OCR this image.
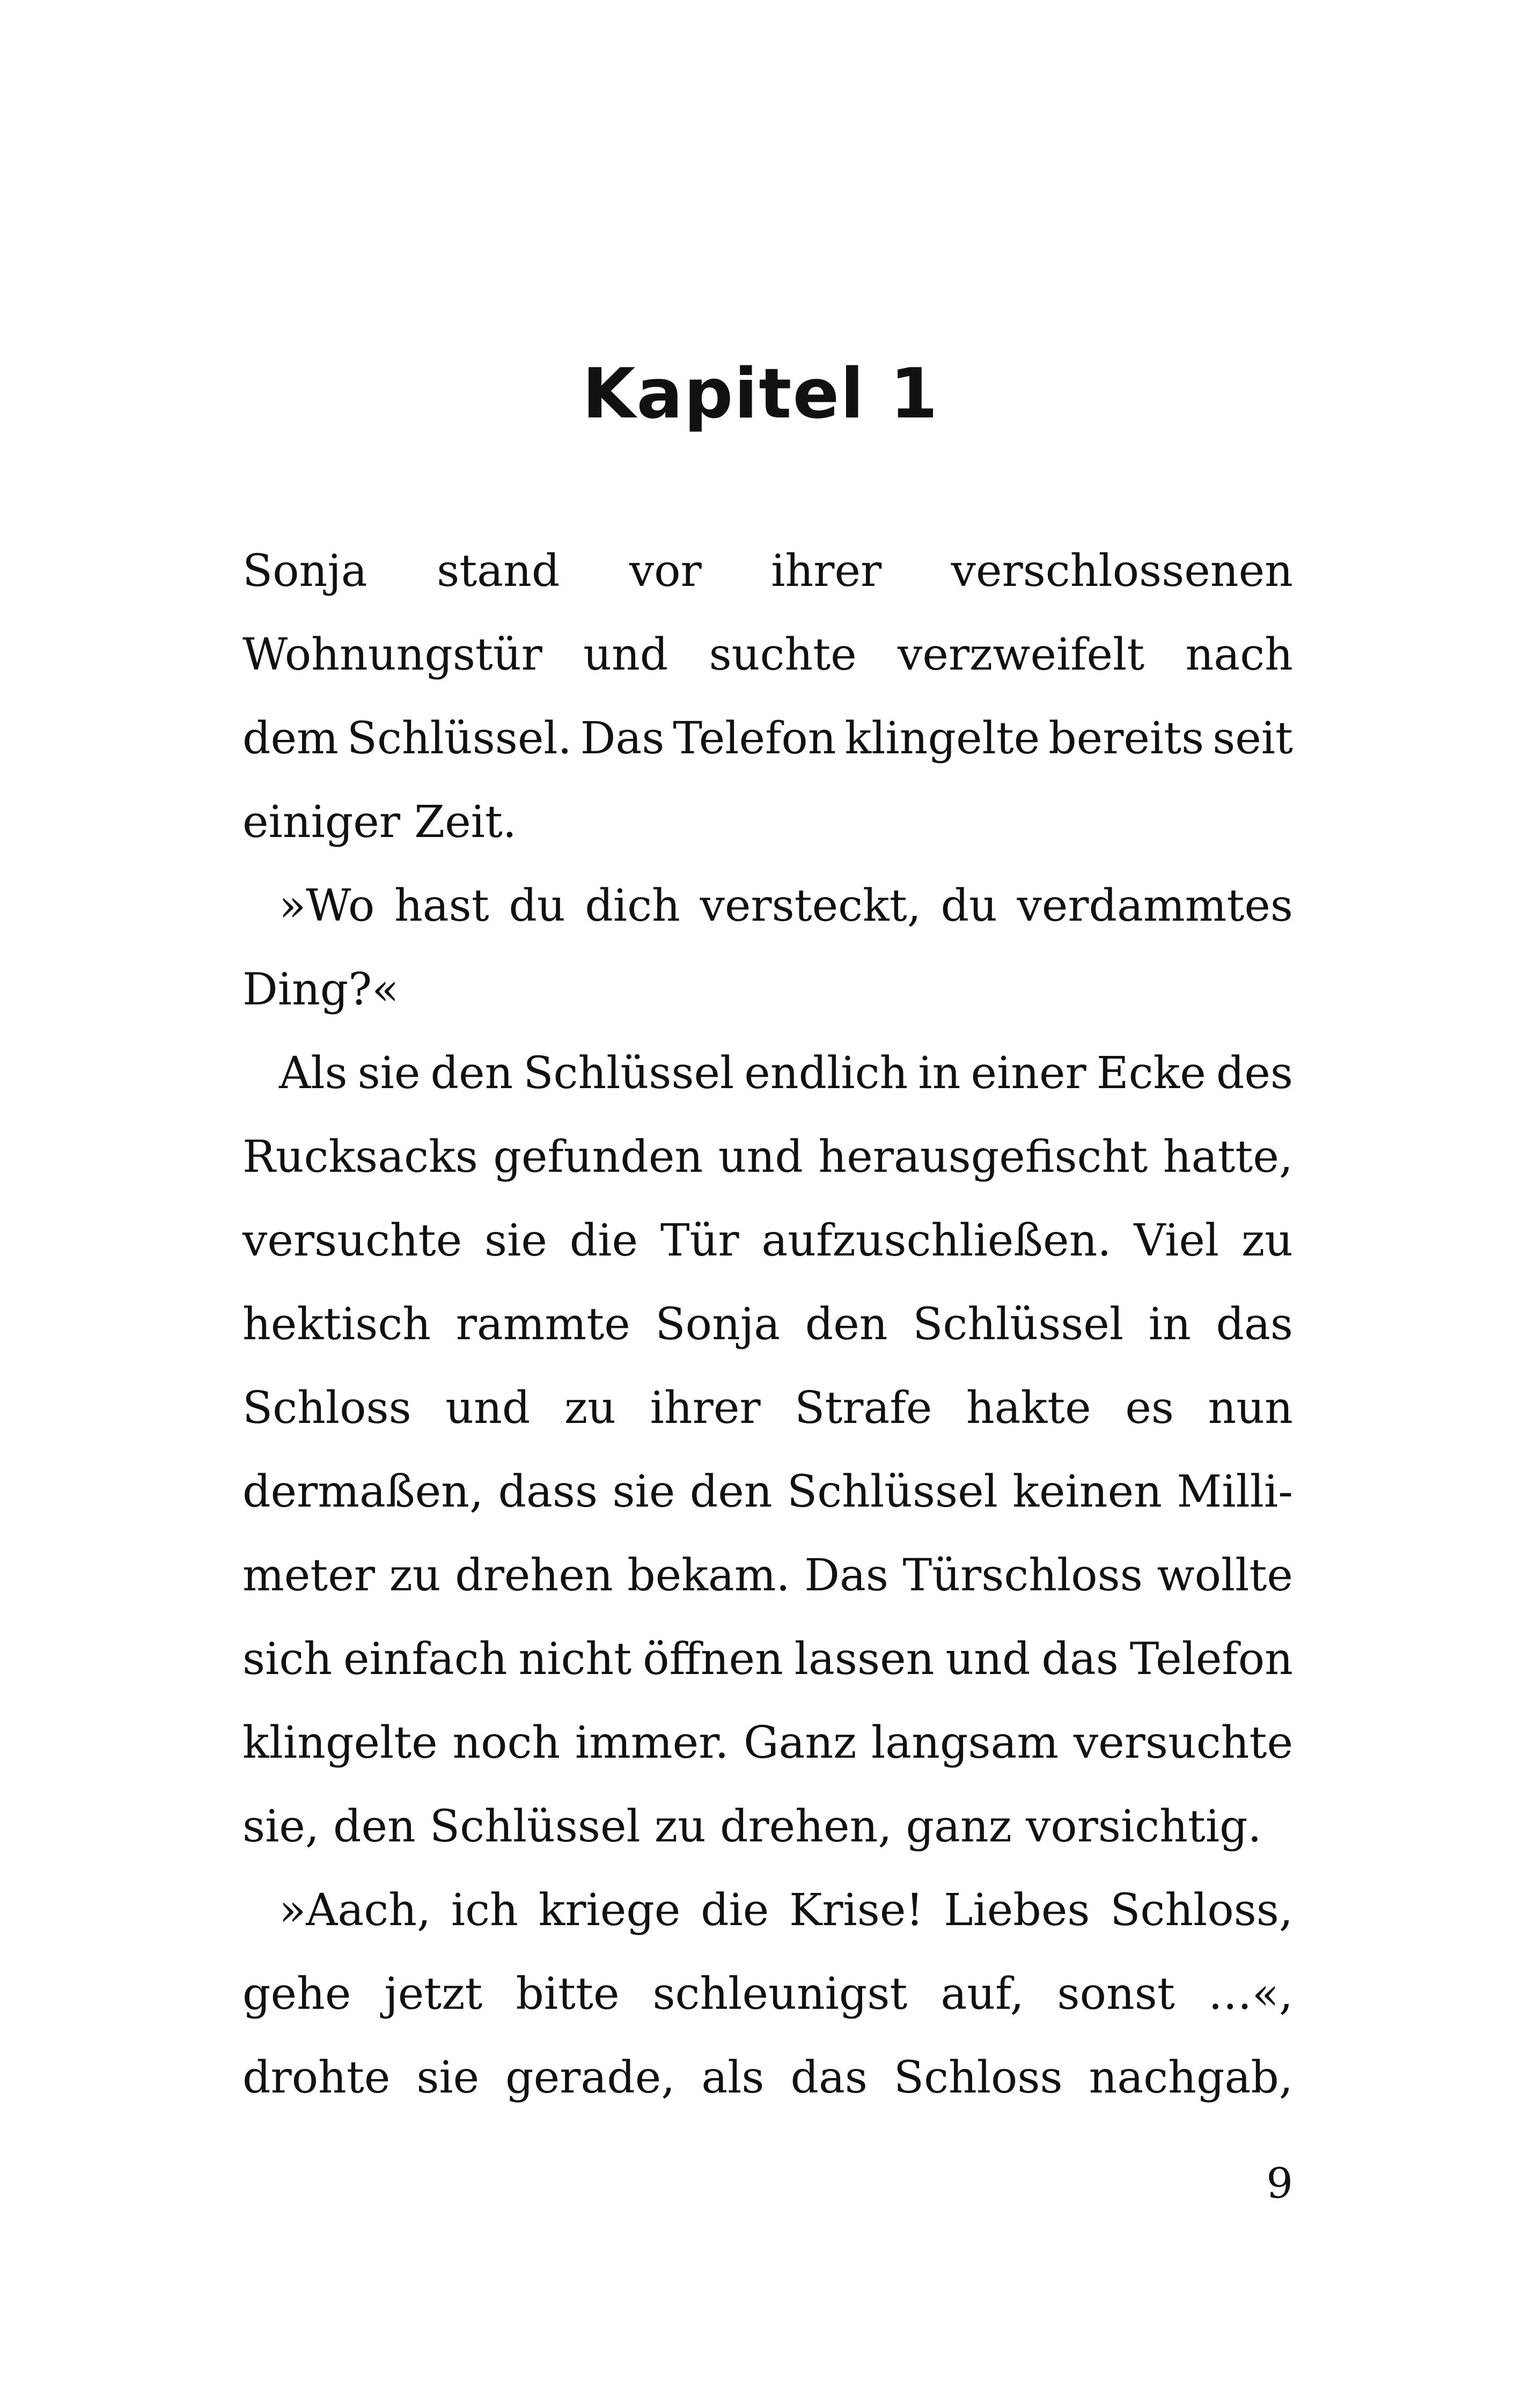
Kapitel 1
Sonja stand vor ihrer verschlossenen
Wohnungstür und suchte verzweifelt nach
dem Schlüssel. Das Telefon klingelte bereits seit
einiger Zeit.
»Wo hast du dich versteckt, du verdammtes
Ding?«
Als sie den Schlüssel endlich in einer Ecke des
Rucksacks gefunden und herausgefischt hatte,
versuchte sie die Tür aufzuschließen. Viel zu
hektisch rammte Sonja den Schlüssel in das
Schloss und zu ihrer Strafe hakte es nun
dermaßen, dass sie den Schlüssel keinen Milli-
meter zu drehen bekam. Das Türschloss wollte
sich einfach nicht öffnen lassen und das Telefon
klingelte noch immer. Ganz langsam versuchte
sie, den Schlüssel zu drehen, ganz vorsichtig.
»Aach, ich kriege die Krise! Liebes Schloss,
gehe jetzt bitte schleunigst auf, sonst …«,
drohte sie gerade, als das Schloss nachgab,
9
